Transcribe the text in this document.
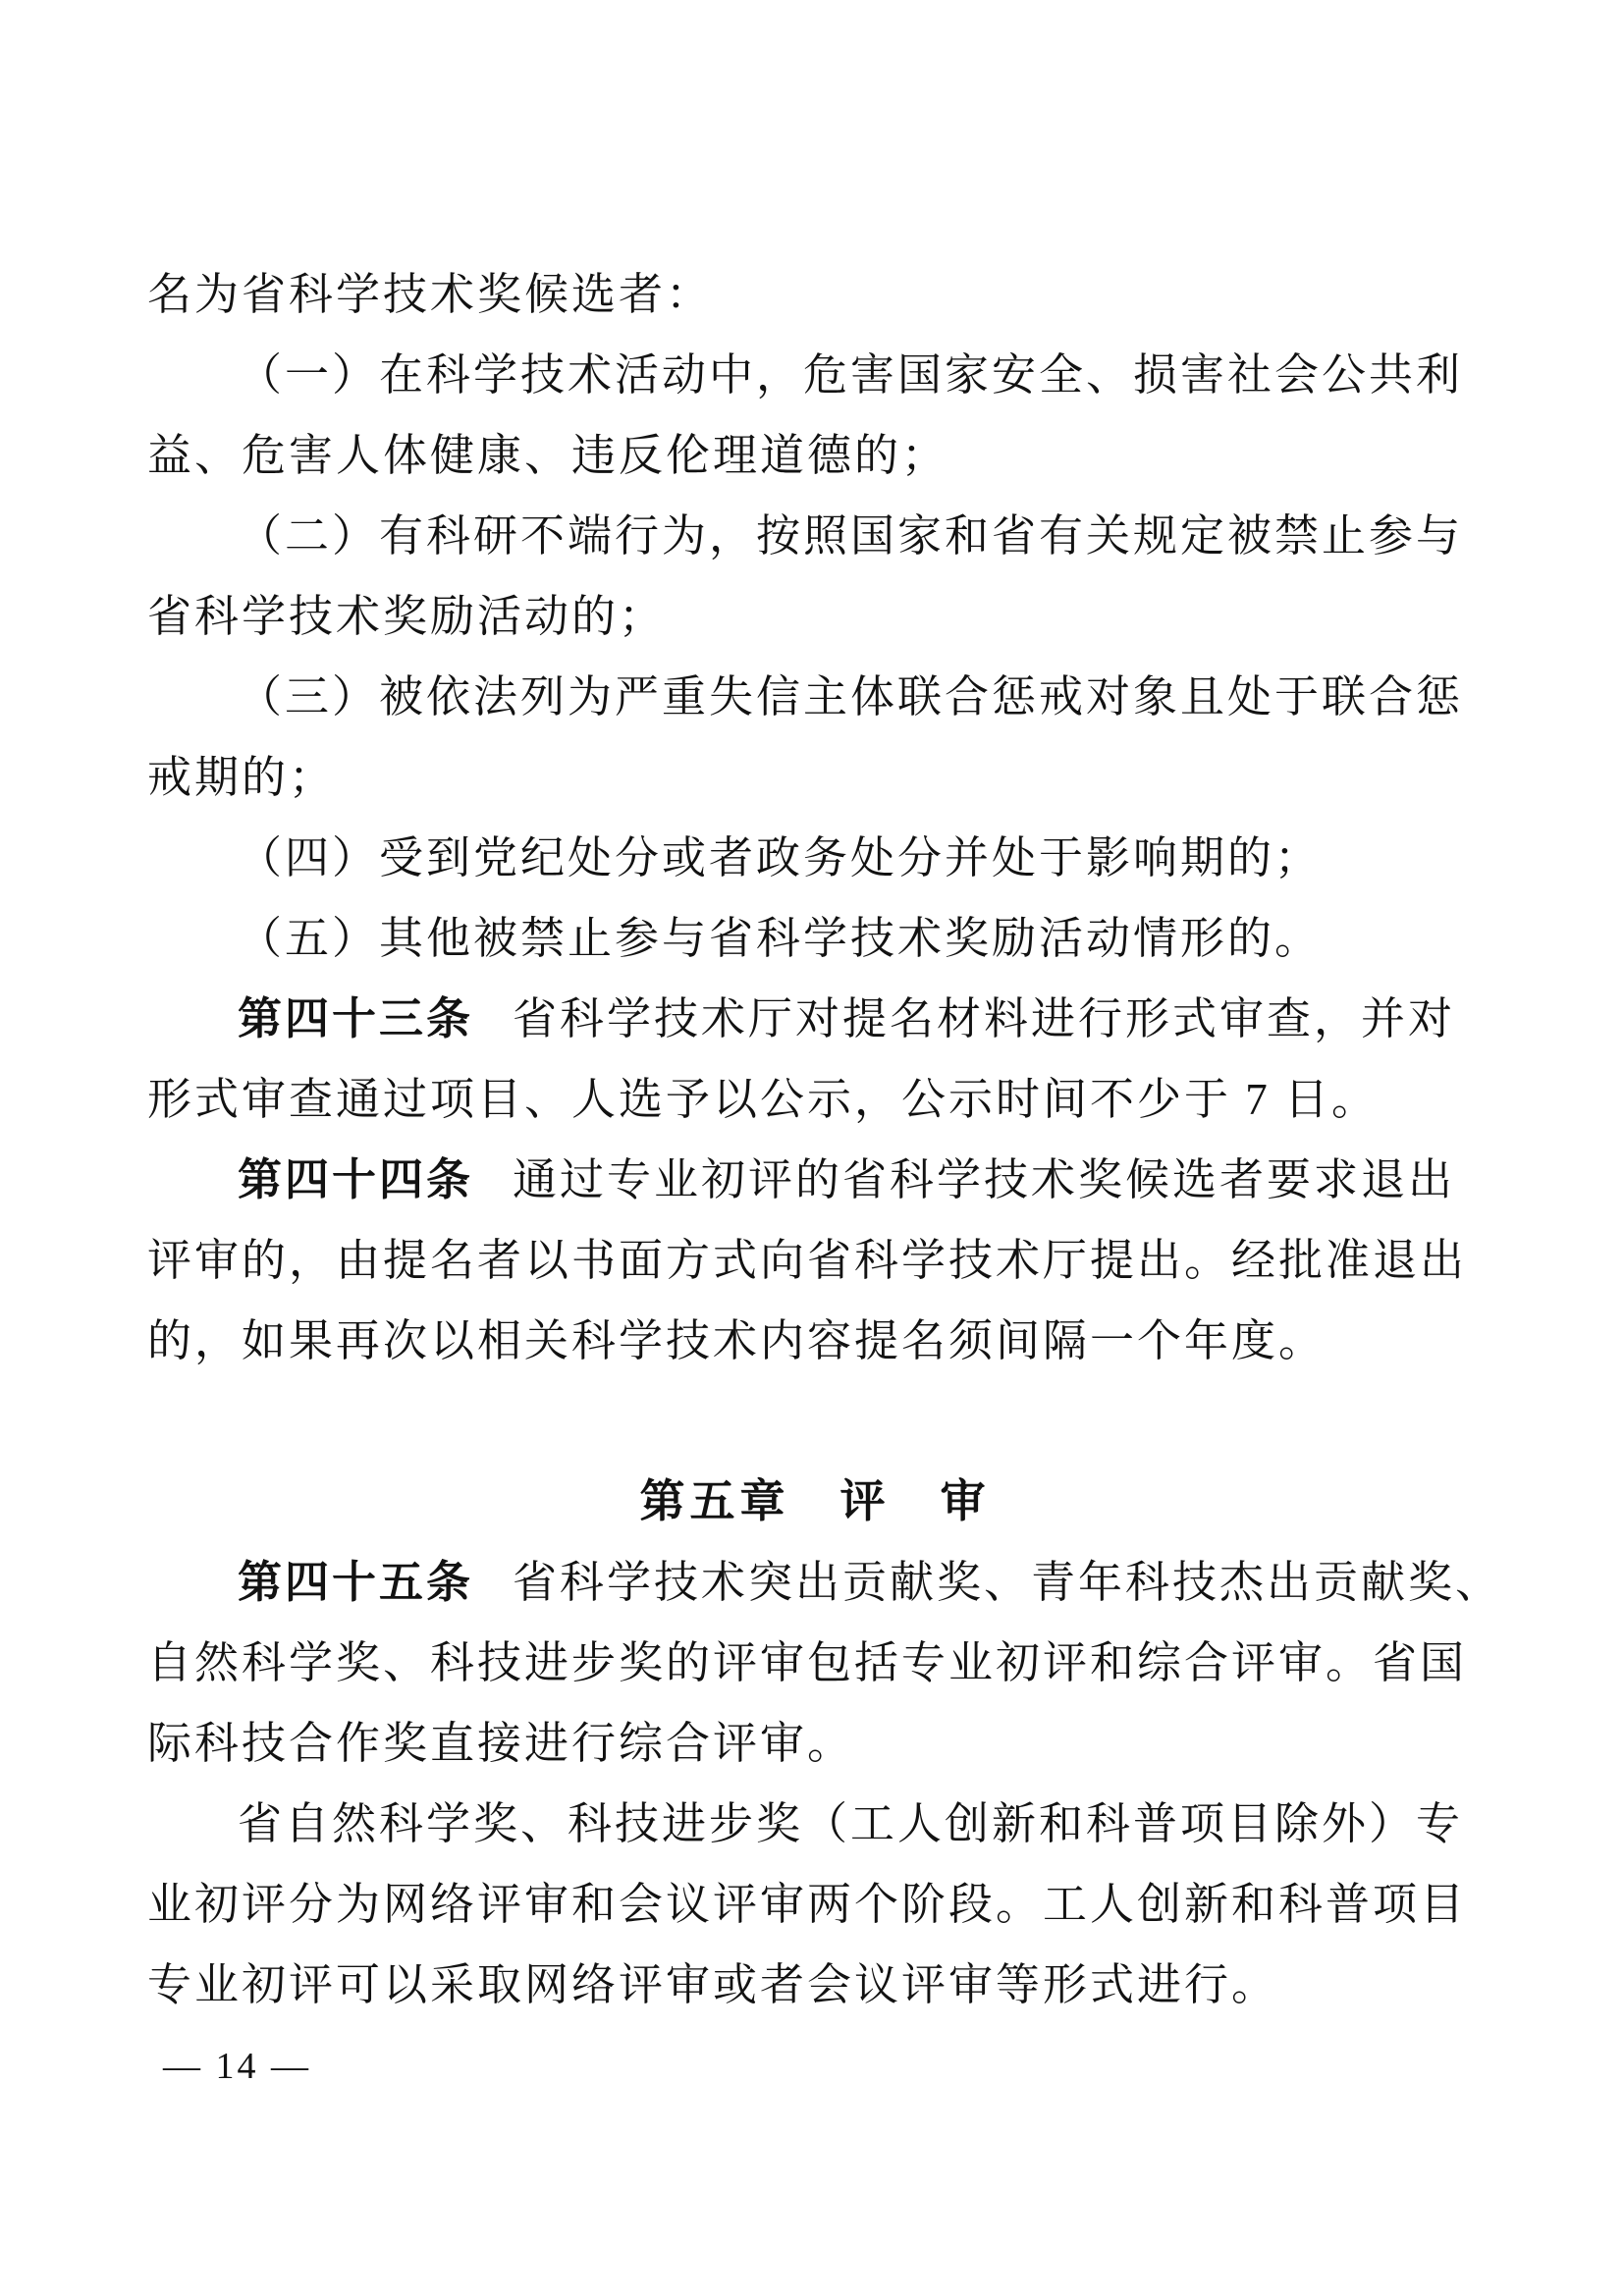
名为省科学技术奖候选者：
（一）在科学技术活动中，危害国家安全、损害社会公共利
益、危害人体健康、违反伦理道德的；
（二）有科研不端行为，按照国家和省有关规定被禁止参与
省科学技术奖励活动的；
（三）被依法列为严重失信主体联合惩戒对象且处于联合惩
戒期的；
（四）受到党纪处分或者政务处分并处于影响期的；
（五）其他被禁止参与省科学技术奖励活动情形的。
第四十三条 省科学技术厅对提名材料进行形式审查，并对
形式审查通过项目、人选予以公示，公示时间不少于 7 日。
第四十四条 通过专业初评的省科学技术奖候选者要求退出
评审的，由提名者以书面方式向省科学技术厅提出。经批准退出
的，如果再次以相关科学技术内容提名须间隔一个年度。
第五章　评　审
第四十五条 省科学技术突出贡献奖、青年科技杰出贡献奖、
自然科学奖、科技进步奖的评审包括专业初评和综合评审。省国
际科技合作奖直接进行综合评审。
省自然科学奖、科技进步奖（工人创新和科普项目除外）专
业初评分为网络评审和会议评审两个阶段。工人创新和科普项目
专业初评可以采取网络评审或者会议评审等形式进行。
— 14 —
